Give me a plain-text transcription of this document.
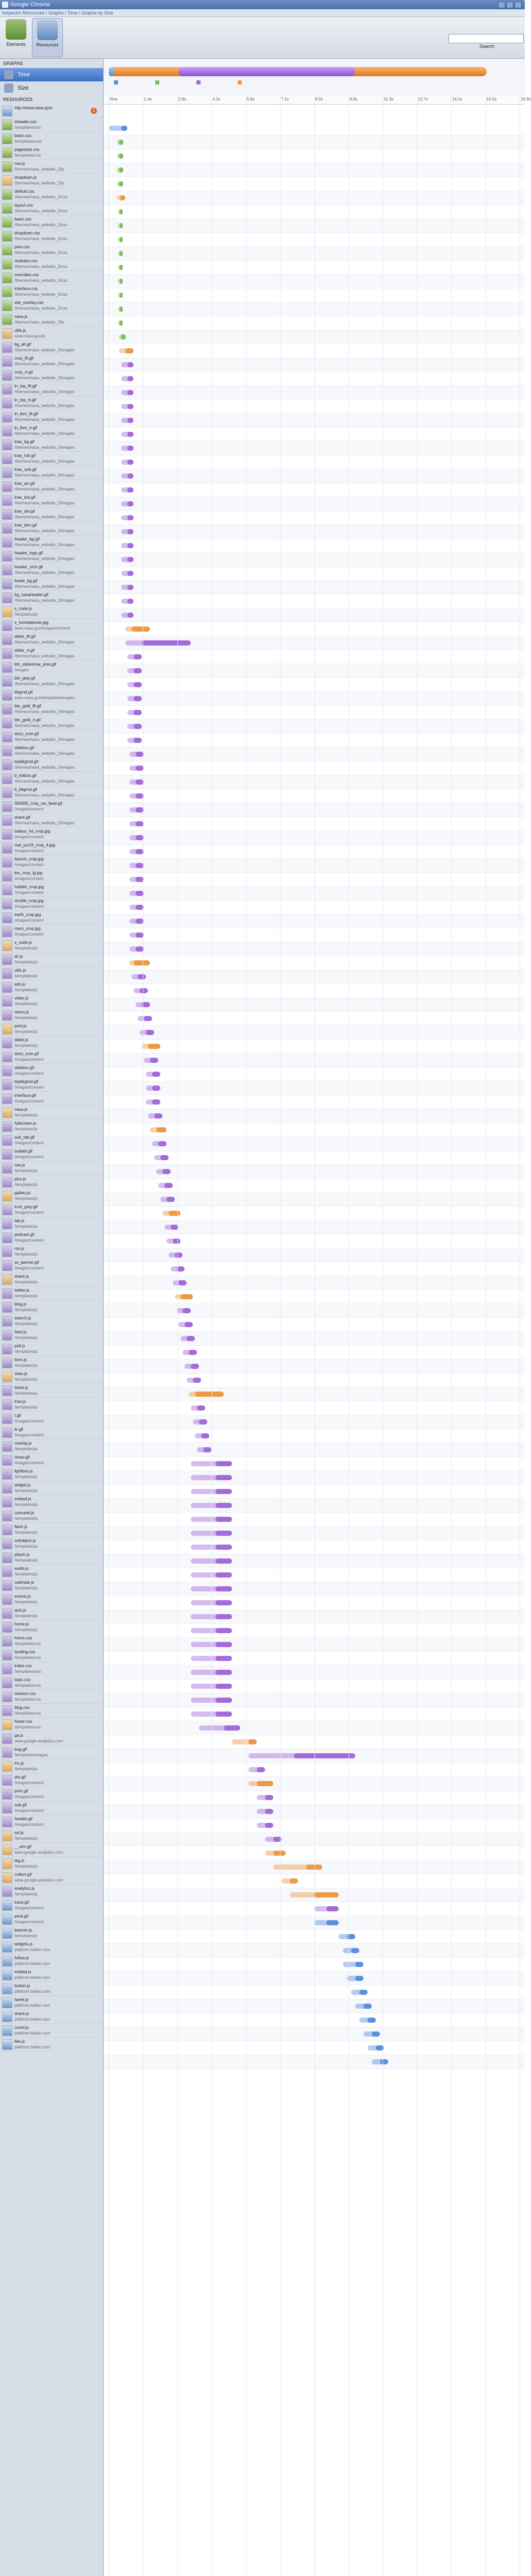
Google Chrome
Inspector Resources / Graphs / Time / Graphs by Size
Elements	Resources	Search
GRAPHS
Time
Size
RESOURCES
http://www.nasa.gov/
2
sheader.css
/templates/css
basic.css
/templates/css/
pagestyle.css
/templates/css
nav.js
/themes/nasa_website_2/js
dropdown.js
/themes/nasa_website_2/js
default.css
/themes/nasa_website_2/css
layout.css
/themes/nasa_website_2/css
basic.css
/themes/nasa_website_2/css
dropdown.css
/themes/nasa_website_2/css
print.css
/themes/nasa_website_2/css
modules.css
/themes/nasa_website_2/css
overrides.css
/themes/nasa_website_2/css
interface.css
/themes/nasa_website_2/css
site_overlay.css
/themes/nasa_website_2/css
nasa.js
/themes/nasa_website_2/js
utils.js
www.nasa.gov/js
bg_all.gif
/themes/nasa_website_2/images
corp_lft.gif
/themes/nasa_website_2/images
corp_rt.gif
/themes/nasa_website_2/images
ln_top_lft.gif
/themes/nasa_website_2/images
ln_top_rt.gif
/themes/nasa_website_2/images
ln_btm_lft.gif
/themes/nasa_website_2/images
ln_btm_rt.gif
/themes/nasa_website_2/images
lnav_bg.gif
/themes/nasa_website_2/images
lnav_hdr.gif
/themes/nasa_website_2/images
lnav_sub.gif
/themes/nasa_website_2/images
lnav_arr.gif
/themes/nasa_website_2/images
lnav_bul.gif
/themes/nasa_website_2/images
lnav_div.gif
/themes/nasa_website_2/images
lnav_btm.gif
/themes/nasa_website_2/images
header_bg.gif
/themes/nasa_website_2/images
header_logo.gif
/themes/nasa_website_2/images
header_srch.gif
/themes/nasa_website_2/images
footer_bg.gif
/themes/nasa_website_2/images
bg_nasaheader.gif
/themes/nasa_website_2/images
s_code.js
/templates/js
s_homebanner.jpg
www.nasa.gov/images/content
slider_lft.gif
/themes/nasa_website_2/images
slider_rt.gif
/themes/nasa_website_2/images
btn_slideshow_prev.gif
/images
btn_play.gif
/themes/nasa_website_2/images
bkgrnd.gif
www.nasa.gov/templates/images
btn_gold_lft.gif
/themes/nasa_website_2/images
btn_gold_rt.gif
/themes/nasa_website_2/images
story_icon.gif
/themes/nasa_website_2/images
sidebox.gif
/themes/nasa_website_2/images
topbkgrnd.gif
/themes/nasa_website_2/images
b_lnkbox.gif
/themes/nasa_website_2/images
b_bkgrnd.gif
/themes/nasa_website_2/images
303000_crop_rss_feed.gif
/images/content
share.gif
/themes/nasa_website_2/images
isabus_hd_crop.jpg
/images/content
mel_jun19_crop_4.jpg
/images/content
launch_crop.jpg
/images/content
leo_crop_lg.jpg
/images/content
hubble_crop.jpg
/images/content
shuttle_crop.jpg
/images/content
earth_crop.jpg
/images/content
mars_crop.jpg
/images/content
s_code.js
/templates/js
dc.js
/templates/js
utils.js
/templates/js
ads.js
/templates/js
video.js
/templates/js
menu.js
/templates/js
print.js
/templates/js
slider.js
/templates/js
story_icon.gif
/images/content
sidebox.gif
/images/content
topbkgrnd.gif
/images/content
interface.gif
/images/content
nasa.js
/templates/js
fullscreen.js
/templates/js
sub_tab.gif
/images/content
subtab.gif
/images/content
nav.js
/templates/js
pics.js
/templates/js
gallery.js
/templates/js
icon_grey.gif
/images/content
tab.js
/templates/js
podcast.gif
/images/content
rss.js
/templates/js
ss_banner.gif
/images/content
share.js
/templates/js
twitter.js
/templates/js
blog.js
/templates/js
search.js
/templates/js
feed.js
/templates/js
poll.js
/templates/js
form.js
/templates/js
stats.js
/templates/js
ticker.js
/templates/js
lnav.js
/templates/js
t.gif
/images/content
ltr.gif
/images/content
overlay.js
/templates/js
mnav.gif
/images/content
lightbox.js
/templates/js
widget.js
/templates/js
embed.js
/templates/js
carousel.js
/templates/js
flash.js
/templates/js
swfobject.js
/templates/js
player.js
/templates/js
audio.js
/templates/js
calendar.js
/templates/js
events.js
/templates/js
quiz.js
/templates/js
home.js
/templates/js
home.css
/templates/css
landing.css
/templates/css
index.css
/templates/css
topic.css
/templates/css
mission.css
/templates/css
blog.css
/templates/css
footer.css
/templates/css
ga.js
www.google-analytics.com
bug.gif
/templates/images
inc.js
/templates/js
dot.gif
/images/content
print.gif
/images/content
sub.gif
/images/content
header.gif
/images/content
ssl.js
/templates/js
__utm.gif
www.google-analytics.com
tag.js
/templates/js
collect.gif
www.google-analytics.com
analytics.js
/templates/js
track.gif
/images/content
pixel.gif
/images/content
beacon.js
/templates/js
widgets.js
platform.twitter.com
follow.js
platform.twitter.com
embed.js
platform.twitter.com
button.js
platform.twitter.com
tweet.js
platform.twitter.com
share.js
platform.twitter.com
count.js
platform.twitter.com
like.js
platform.twitter.com
0ms	1.4s	2.8s	4.2s	5.6s	7.1s	8.5s	9.9s	11.3s	12.7s	14.1s	15.5s	16.9s
